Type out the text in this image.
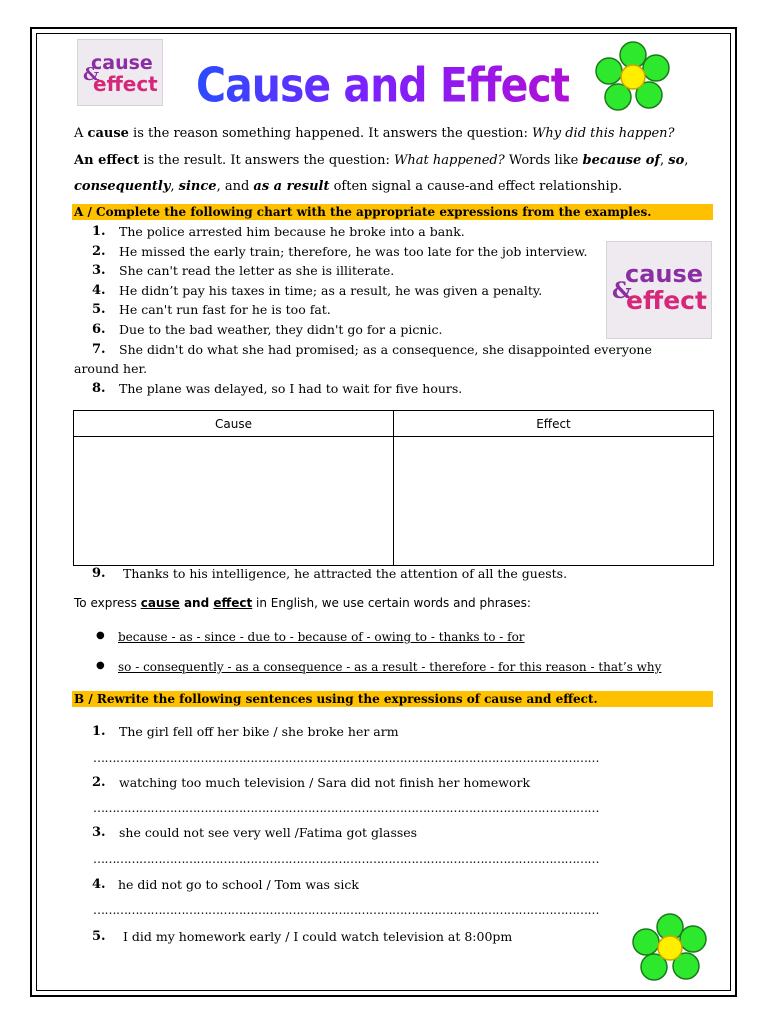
cause
&
effect Cause and Effect
A cause is the reason something happened. It answers the question: Why did this happen?
An effect is the result. It answers the question: What happened? Words like because of, so,
consequently, since, and as a result often signal a cause-and effect relationship.
A / Complete the following chart with the appropriate expressions from the examples.
1. The police arrested him because he broke into a bank.
2. He missed the early train; therefore, he was too late for the job interview.
3. She can't read the letter as she is illiterate.
4. He didn’t pay his taxes in time; as a result, he was given a penalty.
5. He can't run fast for he is too fat.
6. Due to the bad weather, they didn't go for a picnic.
7. She didn't do what she had promised; as a consequence, she disappointed everyone
around her.
8. The plane was delayed, so I had to wait for five hours.
cause
&
effect
Cause	Effect

9. Thanks to his intelligence, he attracted the attention of all the guests.
To express cause and effect in English, we use certain words and phrases:
● because - as - since - due to - because of - owing to - thanks to - for
● so - consequently - as a consequence - as a result - therefore - for this reason - that’s why
B / Rewrite the following sentences using the expressions of cause and effect.
1. The girl fell off her bike / she broke her arm
……………………………………………………………………………………………………………………
2. watching too much television / Sara did not finish her homework
……………………………………………………………………………………………………………………
3. she could not see very well /Fatima got glasses
……………………………………………………………………………………………………………………
4. he did not go to school / Tom was sick
……………………………………………………………………………………………………………………
5. I did my homework early / I could watch television at 8:00pm
